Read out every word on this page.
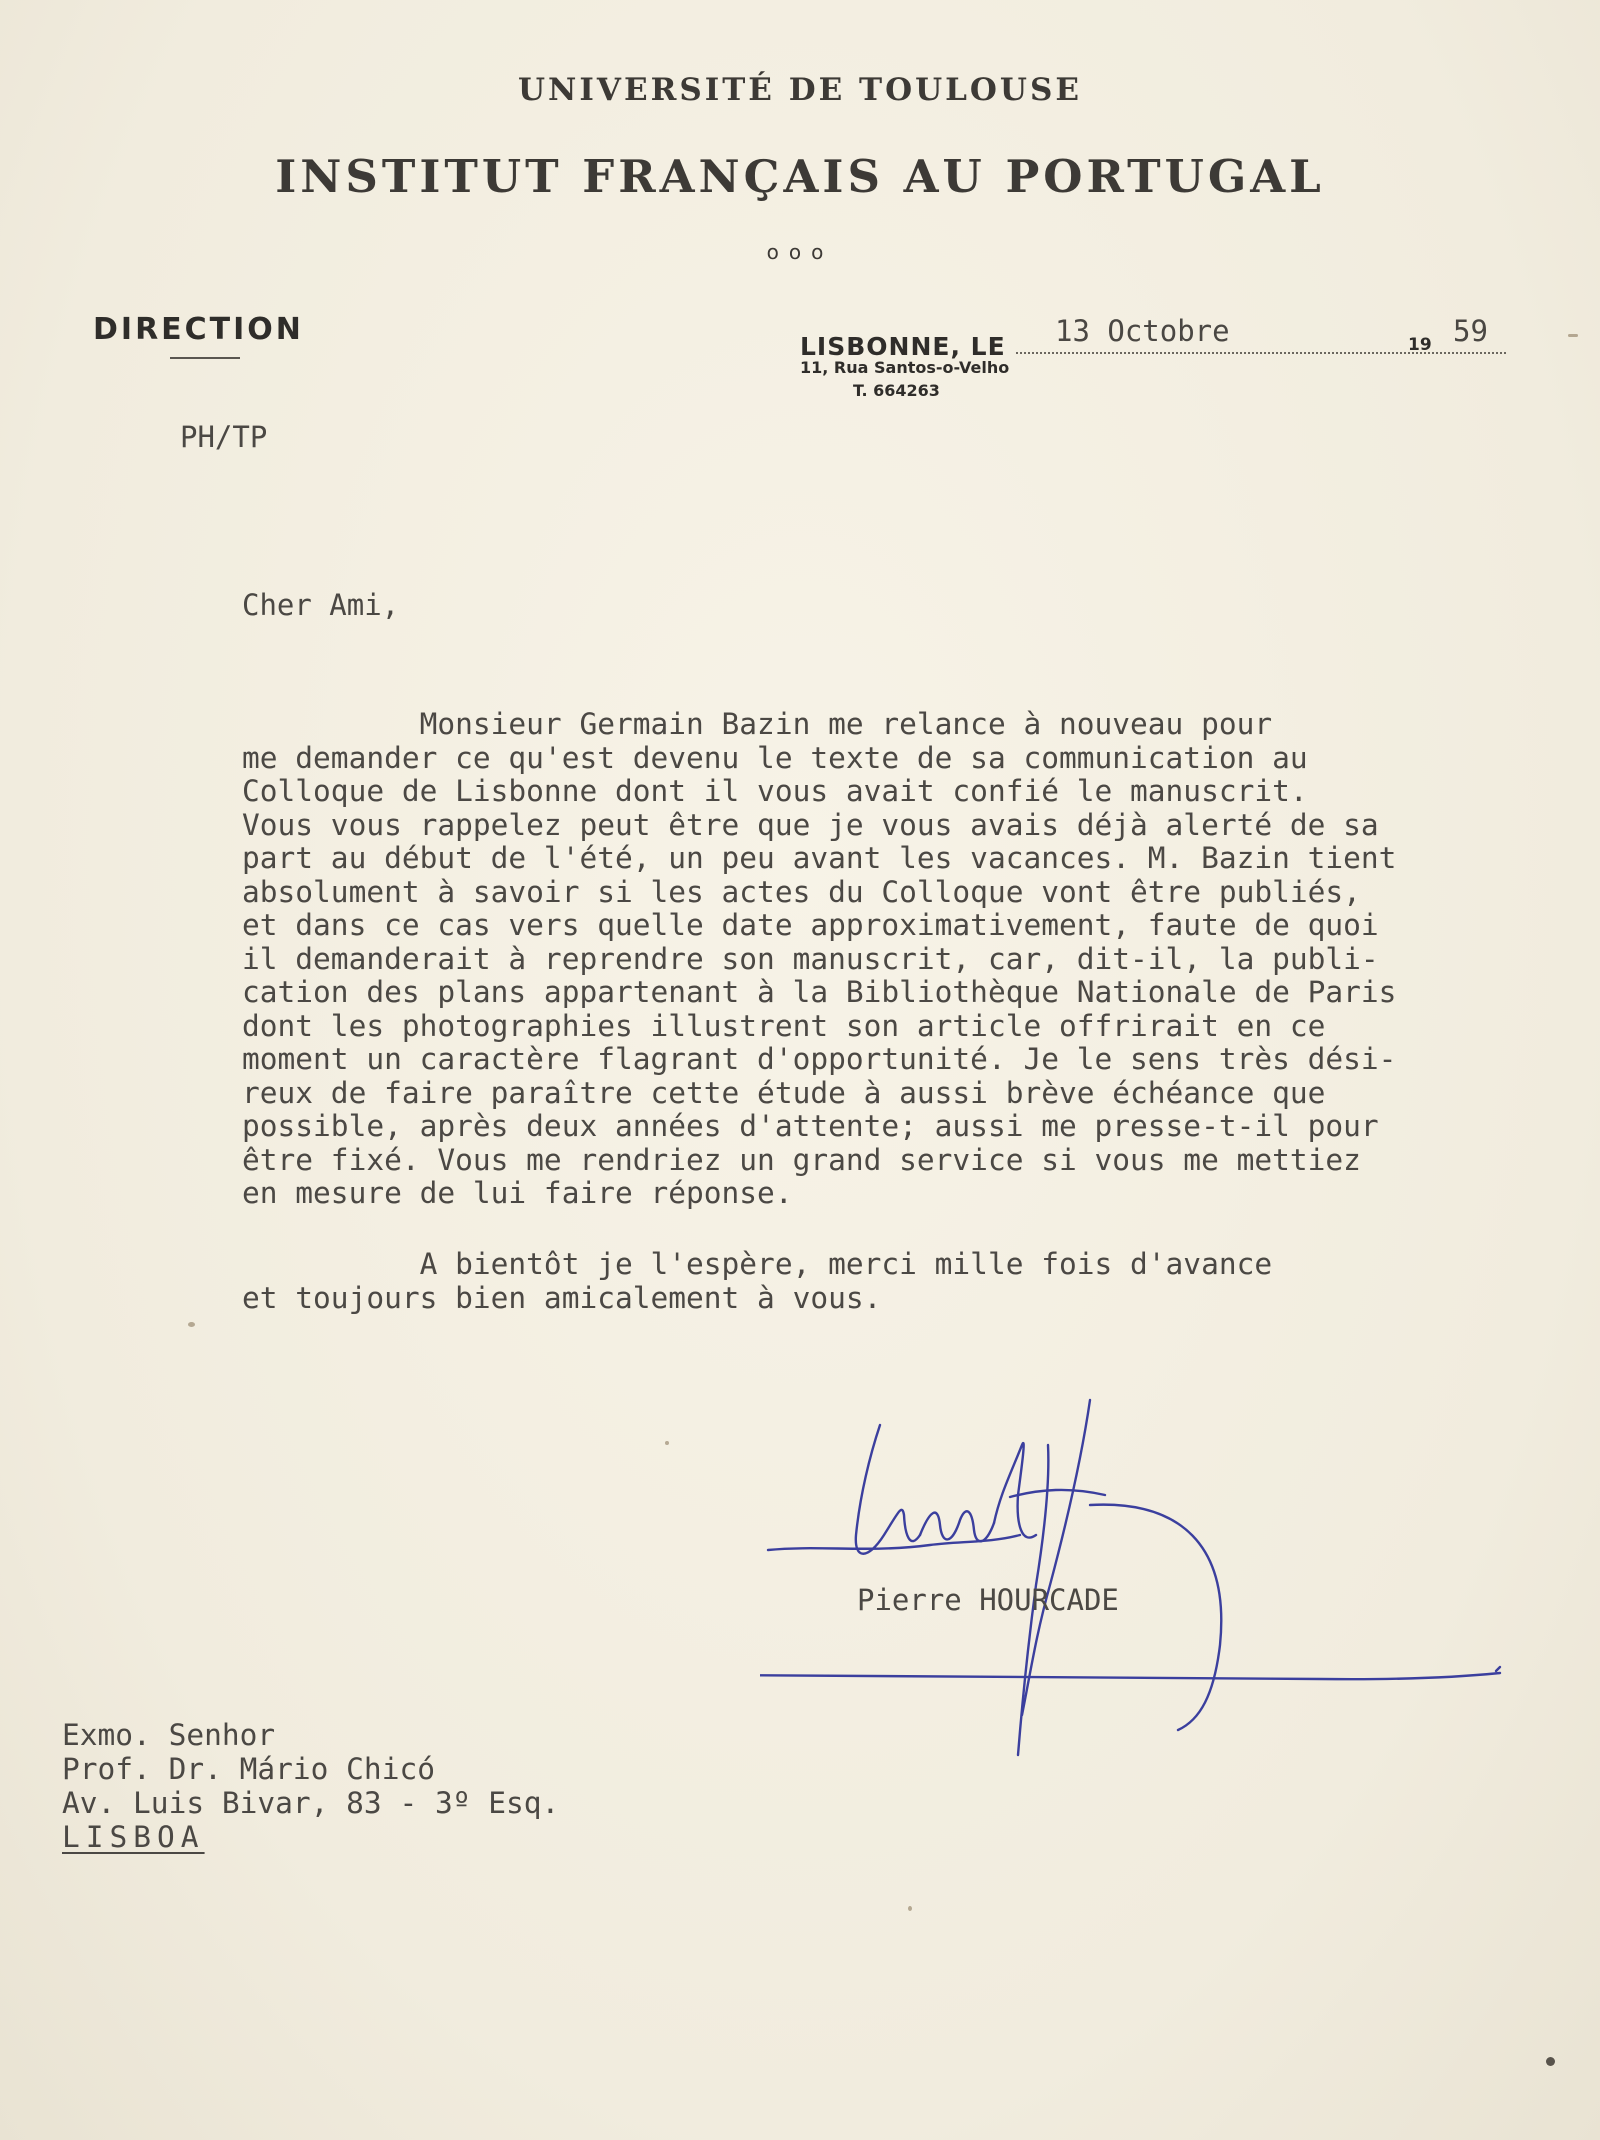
UNIVERSITÉ DE TOULOUSE
INSTITUT FRANÇAIS AU PORTUGAL
ooo
DIRECTION	LISBONNE, LE 13 Octobre	19 59
11, Rua Santos-o-Velho
T. 664263
PH/TP
Cher Ami,
Monsieur Germain Bazin me relance à nouveau pour
me demander ce qu'est devenu le texte de sa communication au
Colloque de Lisbonne dont il vous avait confié le manuscrit.
Vous vous rappelez peut être que je vous avais déjà alerté de sa
part au début de l'été, un peu avant les vacances. M. Bazin tient
absolument à savoir si les actes du Colloque vont être publiés,
et dans ce cas vers quelle date approximativement, faute de quoi
il demanderait à reprendre son manuscrit, car, dit-il, la publi-
cation des plans appartenant à la Bibliothèque Nationale de Paris
dont les photographies illustrent son article offrirait en ce
moment un caractère flagrant d'opportunité. Je le sens très dési-
reux de faire paraître cette étude à aussi brève échéance que
possible, après deux années d'attente; aussi me presse-t-il pour
être fixé. Vous me rendriez un grand service si vous me mettiez
en mesure de lui faire réponse.
A bientôt je l'espère, merci mille fois d'avance
et toujours bien amicalement à vous.
Pierre HOURCADE
Exmo. Senhor
Prof. Dr. Mário Chicó
Av. Luis Bivar, 83 - 3º Esq.
LISBOA
